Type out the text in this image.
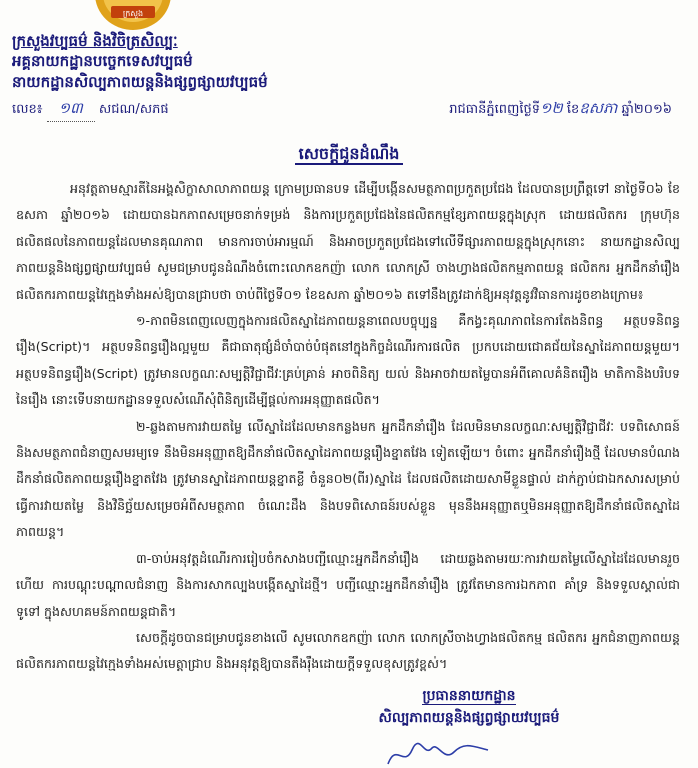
ក្រសួង
ក្រសួងវប្បធម៌ និងវិចិត្រសិល្បៈ
អគ្គនាយកដ្ឋានបច្ចេកទេសវប្បធម៌
នាយកដ្ឋានសិល្បភាពយន្តនិងផ្សព្វផ្សាយវប្បធម៌
លេខ៖ ១៣ សជណ/សភផ	រាជធានីភ្នំពេញថ្ងៃទី១២ ខែឧសភា ឆ្នាំ២០១៦
សេចក្តីជូនដំណឹង

អនុវត្តតាមស្មារតីនៃអង្គសិក្ខាសាលាភាពយន្ត ក្រោមប្រធានបទ ដើម្បីបង្កើនសមត្ថភាពប្រកួតប្រជែង ដែលបានប្រព្រឹត្តទៅ នាថ្ងៃទី០៦ ខែឧសភា ឆ្នាំ២០១៦ ដោយបានឯកភាពសម្រេចនាក់ទម្រង់ និងការប្រកួតប្រជែងនៃផលិតកម្មខ្សែភាពយន្តក្នុងស្រុក ដោយផលិតករ ក្រុមហ៊ុន ផលិតផលនៃភាពយន្តដែលមានគុណភាព មានការចាប់អារម្មណ៍ និងអាចប្រកួតប្រជែងទៅលើទីផ្សារភាពយន្តក្នុងស្រុកនោះ នាយកដ្ឋានសិល្បភាពយន្តនិងផ្សព្វផ្សាយវប្បធម៌ សូមជម្រាបជូនដំណឹងចំពោះលោកឧកញ៉ា លោក លោកស្រី ចាងហ្វាងផលិតកម្មភាពយន្ត ផលិតករ អ្នកដឹកនាំរឿង ផលិតករភាពយន្តវៃក្មេងទាំងអស់ឱ្យបានជ្រាបថា ចាប់ពីថ្ងៃទី០១ ខែឧសភា ឆ្នាំ២០១៦ តទៅនឹងត្រូវដាក់ឱ្យអនុវត្តនូវវិធានការដូចខាងក្រោម៖

១-ភាពមិនពេញលេញក្នុងការផលិតស្នាដៃភាពយន្តនាពេលបច្ចុប្បន្ន គឺកង្វះគុណភាពនៃការតែងនិពន្ធ អត្ថបទនិពន្ធរឿង(Script)។ អត្ថបទនិពន្ធរឿងល្អមួយ គឺជាធាតុផ្សំដ៏ចាំបាច់បំផុតនៅក្នុងកិច្ចដំណើរការផលិត ប្រកបដោយជោគជ័យនៃស្នាដៃភាពយន្តមួយ។ អត្ថបទនិពន្ធរឿង(Script) ត្រូវមានលក្ខណៈសម្បត្តិវិជ្ជាជីវៈគ្រប់គ្រាន់ អាចពិនិត្យ យល់ និងអាចវាយតម្លៃបានអំពីគោលគំនិតរឿង មាតិកានិងបរិបទនៃរឿង នោះទើបនាយកដ្ឋានទទួលសំណើសុំពិនិត្យដើម្បីផ្តល់ការអនុញ្ញាតផលិត។

២-ឆ្លងតាមការវាយតម្លៃ លើស្នាដៃដែលមានកន្លងមក អ្នកដឹកនាំរឿង ដែលមិនមានលក្ខណៈសម្បត្តិវិជ្ជាជីវៈ បទពិសោធន៍ និងសមត្ថភាពជំនាញសមរម្យទេ នឹងមិនអនុញ្ញាតឱ្យដឹកនាំផលិតស្នាដៃភាពយន្តរឿងខ្នាតវែង ទៀតឡើយ។ ចំពោះ អ្នកដឹកនាំរឿងថ្មី ដែលមានបំណងដឹកនាំផលិតភាពយន្តរឿងខ្នាតវែង ត្រូវមានស្នាដៃភាពយន្តខ្នាតខ្លី ចំនួន០២(ពីរ)ស្នាដៃ ដែលផលិតដោយសាមីខ្លួនផ្ទាល់ ដាក់ភ្ជាប់ជាឯកសារសម្រាប់ធ្វើការវាយតម្លៃ និងវិនិច្ឆ័យសម្រេចអំពីសមត្ថភាព ចំណេះដឹង និងបទពិសោធន៍របស់ខ្លួន មុននឹងអនុញ្ញាតឬមិនអនុញ្ញាតឱ្យដឹកនាំផលិតស្នាដៃភាពយន្ត។

៣-ចាប់អនុវត្តដំណើរការរៀបចំកសាងបញ្ជីឈ្មោះអ្នកដឹកនាំរឿង ដោយឆ្លងតាមរយៈការវាយតម្លៃលើស្នាដៃដែលមានរួចហើយ ការបណ្តុះបណ្តាលជំនាញ និងការសាកល្បងបង្កើតស្នាដៃថ្មី។ បញ្ជីឈ្មោះអ្នកដឹកនាំរឿង ត្រូវតែមានការឯកភាព គាំទ្រ និងទទួលស្គាល់ជាទូទៅ ក្នុងសហគមន៍ភាពយន្តជាតិ។

សេចក្តីដូចបានជម្រាបជូនខាងលើ សូមលោកឧកញ៉ា លោក លោកស្រីចាងហ្វាងផលិតកម្ម ផលិតករ អ្នកជំនាញភាពយន្ត ផលិតករភាពយន្តវៃក្មេងទាំងអស់មេត្តាជ្រាប និងអនុវត្តឱ្យបានតឹងរ៉ឹងដោយក្តីទទួលខុសត្រូវខ្ពស់។

ប្រធាននាយកដ្ឋាន
សិល្បភាពយន្តនិងផ្សព្វផ្សាយវប្បធម៌
